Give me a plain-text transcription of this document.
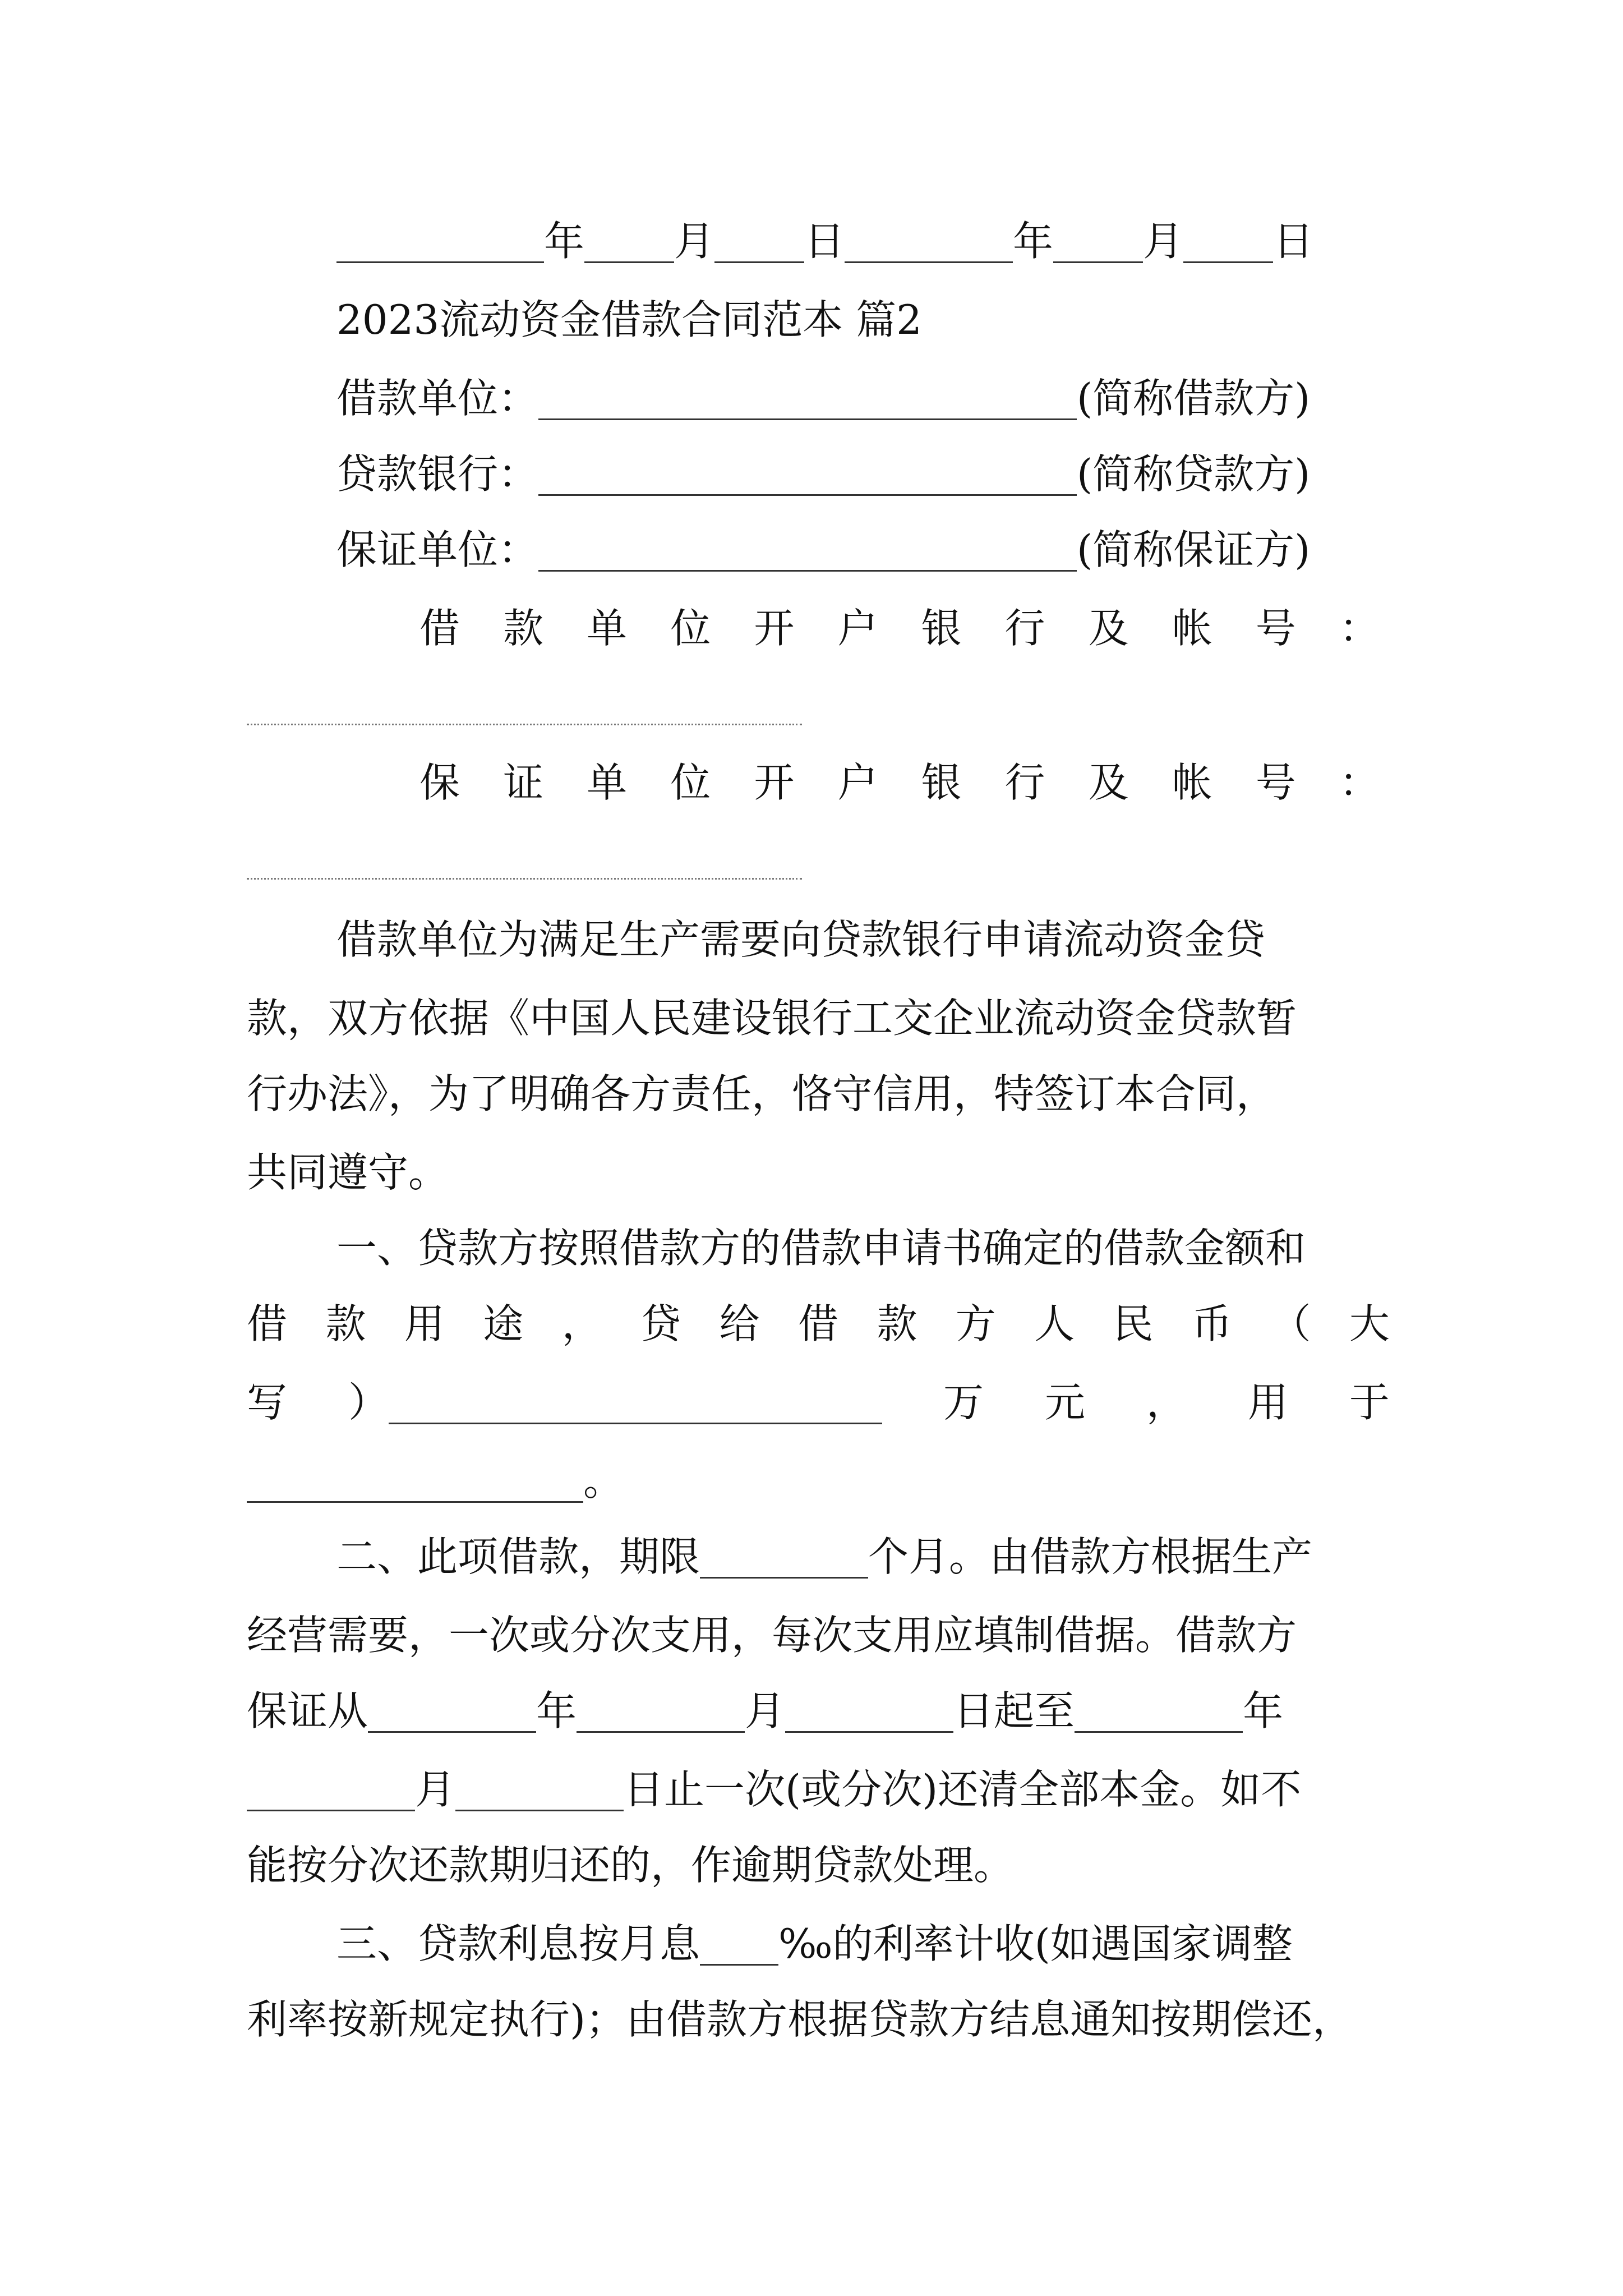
年 月 日	年 月 日
2023流动资金借款合同范本 篇2
借款单位：	(简称借款方)
贷款银行：	(简称贷款方)
保证单位：	(简称保证方)
借 款 单 位 开 户 银 行 及 帐 号 ：
保 证 单 位 开 户 银 行 及 帐 号 ：
借款单位为满足生产需要向贷款银行申请流动资金贷
款，双方依据《中国人民建设银行工交企业流动资金贷款暂
行办法》，为了明确各方责任，恪守信用，特签订本合同，
共同遵守。
一、贷款方按照借款方的借款申请书确定的借款金额和
借 款 用 途 ， 贷 给 借 款 方 人 民 币 （ 大
写 ）	万 元 ， 用 于
。
二、此项借款，期限	个月。由借款方根据生产
经营需要，一次或分次支用，每次支用应填制借据。借款方
保证从	年	月	日起至	年
月	日止一次(或分次)还清全部本金。如不
能按分次还款期归还的，作逾期贷款处理。
三、贷款利息按月息 ‰的利率计收(如遇国家调整
利率按新规定执行)；由借款方根据贷款方结息通知按期偿还，
